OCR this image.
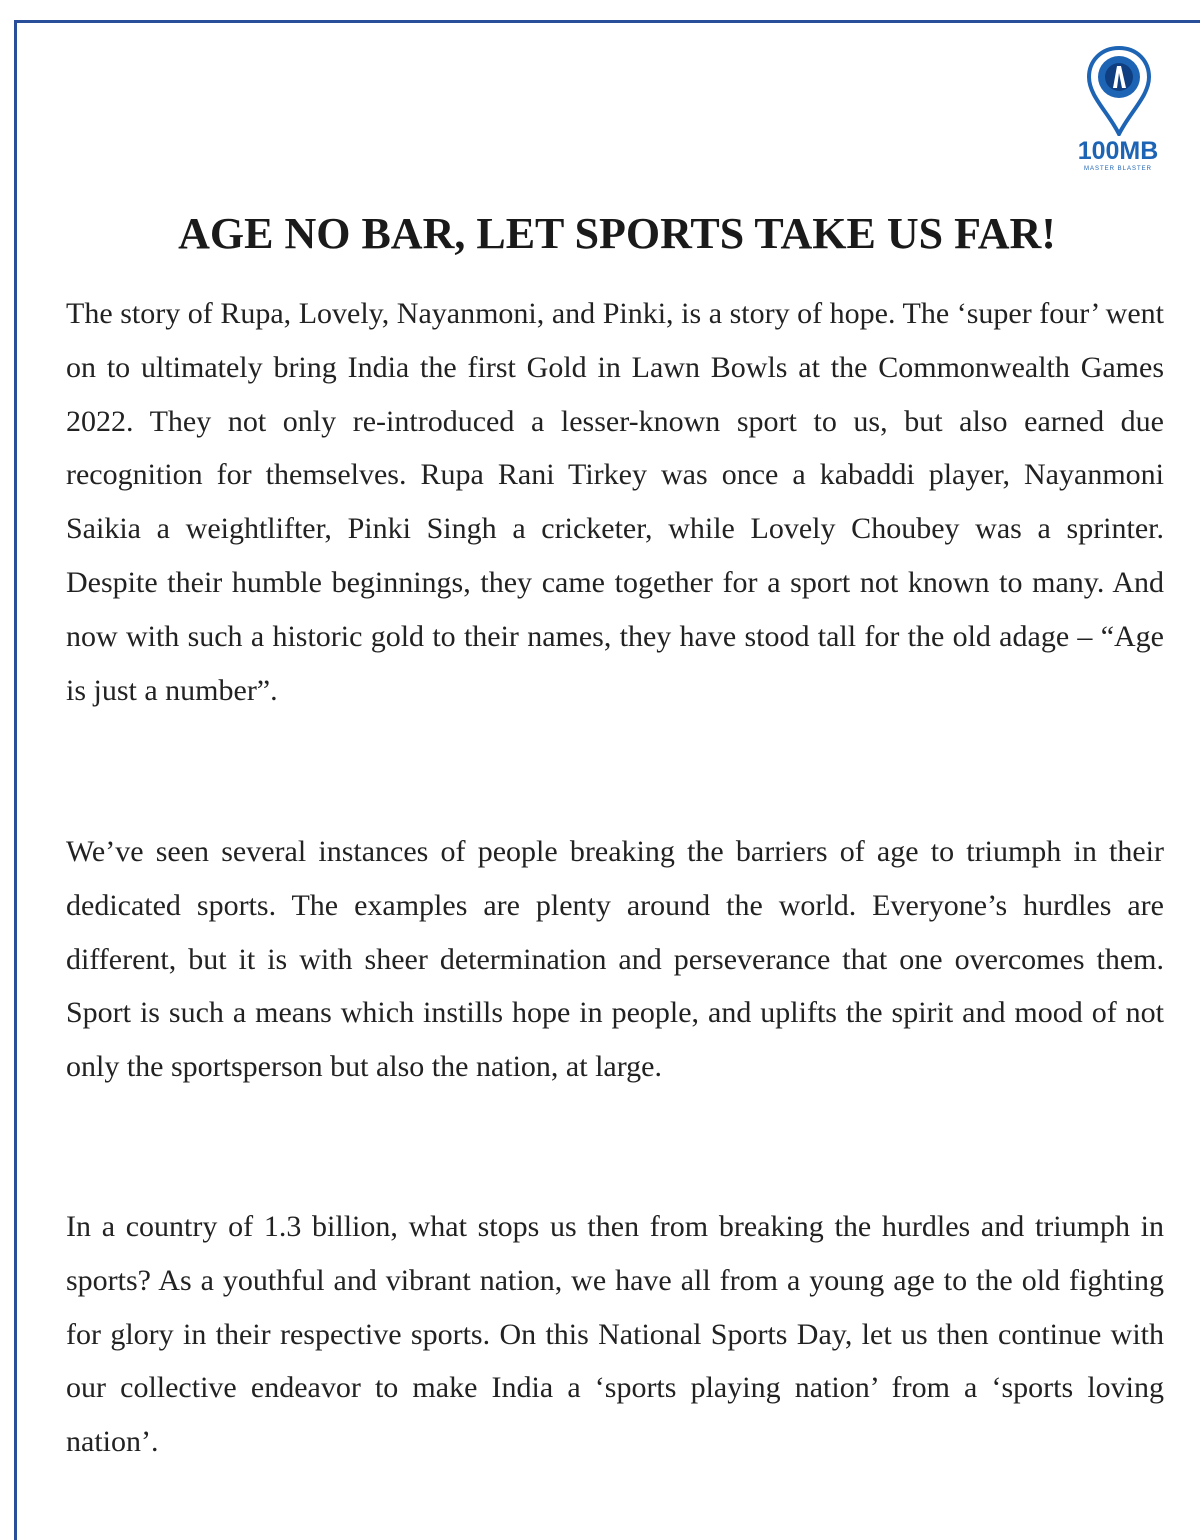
100MB
MASTER BLASTER
AGE NO BAR, LET SPORTS TAKE US FAR!

The story of Rupa, Lovely, Nayanmoni, and Pinki, is a story of hope. The ‘super four’ went on to ultimately bring India the first Gold in Lawn Bowls at the Commonwealth Games 2022. They not only re-introduced a lesser-known sport to us, but also earned due recognition for themselves. Rupa Rani Tirkey was once a kabaddi player, Nayanmoni Saikia a weightlifter, Pinki Singh a cricketer, while Lovely Choubey was a sprinter. Despite their humble beginnings, they came together for a sport not known to many. And now with such a historic gold to their names, they have stood tall for the old adage – “Age is just a number”.

We’ve seen several instances of people breaking the barriers of age to triumph in their dedicated sports. The examples are plenty around the world. Everyone’s hurdles are different, but it is with sheer determination and perseverance that one overcomes them. Sport is such a means which instills hope in people, and uplifts the spirit and mood of not only the sportsperson but also the nation, at large.

In a country of 1.3 billion, what stops us then from breaking the hurdles and triumph in sports? As a youthful and vibrant nation, we have all from a young age to the old fighting for glory in their respective sports. On this National Sports Day, let us then continue with our collective endeavor to make India a ‘sports playing nation’ from a ‘sports loving nation’.
